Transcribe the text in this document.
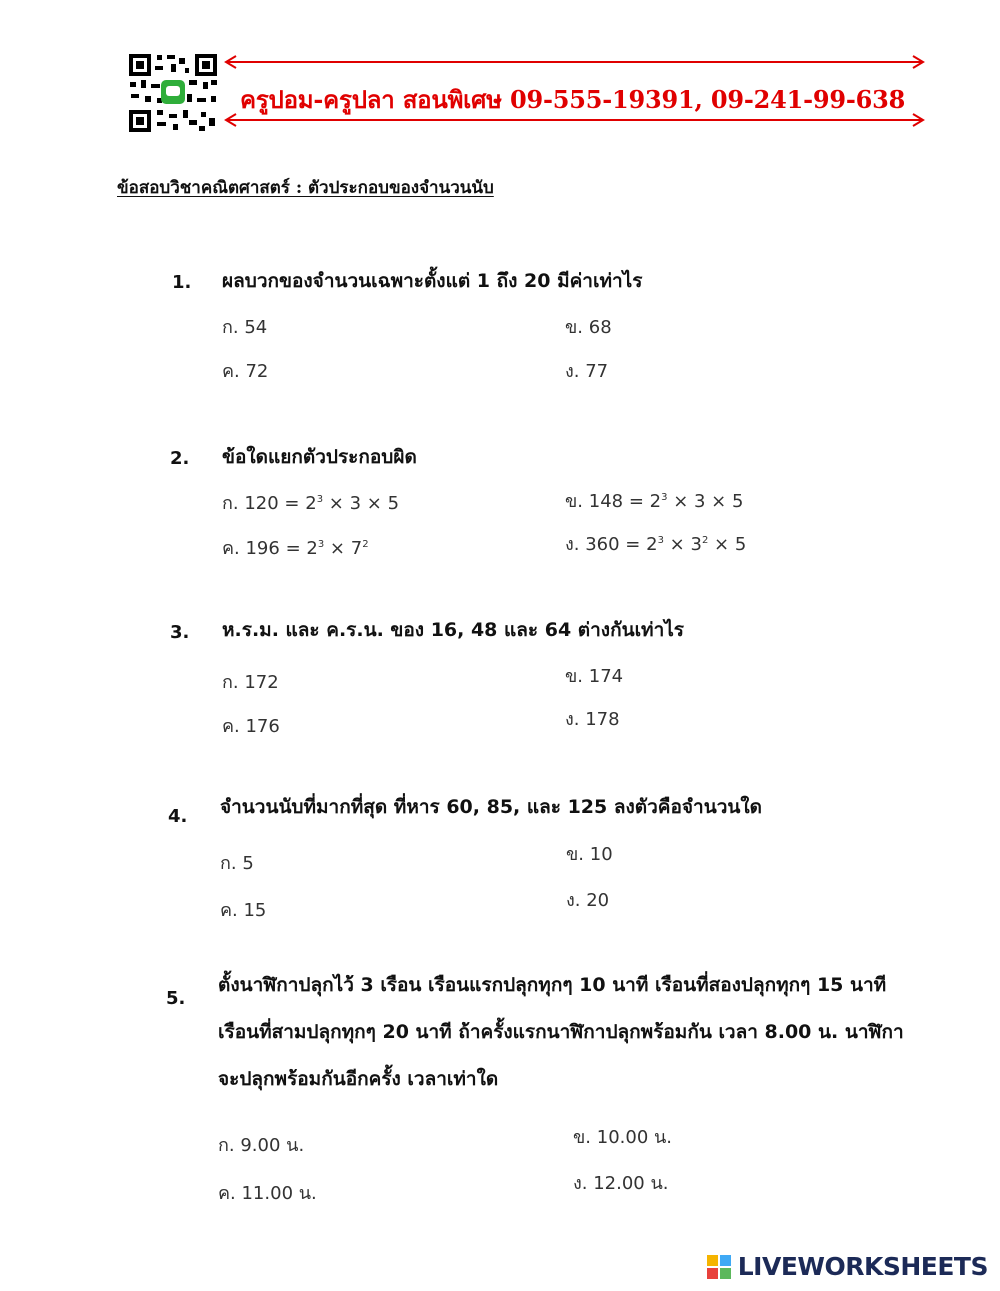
ครูปอม-ครูปลา สอนพิเศษ 09-555-19391, 09-241-99-638
ข้อสอบวิชาคณิตศาสตร์ : ตัวประกอบของจำนวนนับ
1. ผลบวกของจำนวนเฉพาะตั้งแต่ 1 ถึง 20 มีค่าเท่าไร
ก. 54	ข. 68
ค. 72	ง. 77
2. ข้อใดแยกตัวประกอบผิด
ก. $120 = 2^3 \times 3 \times 5$	ข. $148 = 2^3 \times 3 \times 5$
ค. $196 = 2^3 \times 7^2$	ง. $360 = 2^3 \times 3^2 \times 5$
3. ห.ร.ม. และ ค.ร.น. ของ 16, 48 และ 64 ต่างกันเท่าไร
ก. 172	ข. 174
ค. 176	ง. 178
4. จำนวนนับที่มากที่สุด ที่หาร 60, 85, และ 125 ลงตัวคือจำนวนใด
ก. 5	ข. 10
ค. 15	ง. 20
5.
ตั้งนาฬิกาปลุกไว้ 3 เรือน เรือนแรกปลุกทุกๆ 10 นาที เรือนที่สองปลุกทุกๆ 15 นาที
เรือนที่สามปลุกทุกๆ 20 นาที ถ้าครั้งแรกนาฬิกาปลุกพร้อมกัน เวลา 8.00 น. นาฬิกา
จะปลุกพร้อมกันอีกครั้ง เวลาเท่าใด
ก. 9.00 น.	ข. 10.00 น.
ค. 11.00 น.	ง. 12.00 น.
LIVEWORKSHEETS
